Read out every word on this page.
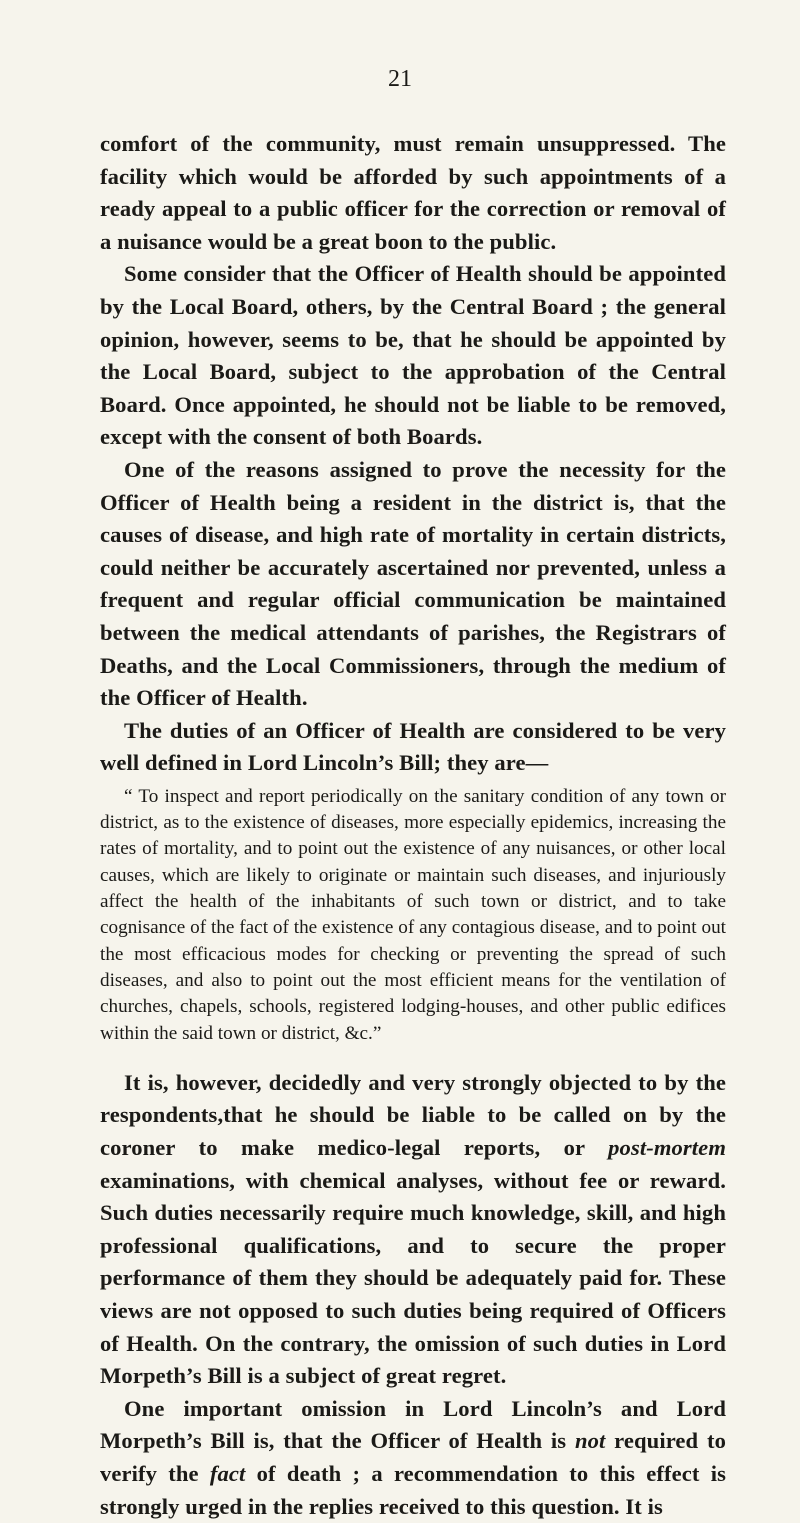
21

comfort of the community, must remain unsuppressed. The facility which would be afforded by such appointments of a ready appeal to a public officer for the correction or removal of a nuisance would be a great boon to the public.

Some consider that the Officer of Health should be appointed by the Local Board, others, by the Central Board ; the general opinion, however, seems to be, that he should be appointed by the Local Board, subject to the approbation of the Central Board. Once appointed, he should not be liable to be removed, except with the consent of both Boards.

One of the reasons assigned to prove the necessity for the Officer of Health being a resident in the district is, that the causes of disease, and high rate of mortality in certain districts, could neither be accurately ascertained nor prevented, unless a frequent and regular official communication be maintained between the medical attendants of parishes, the Registrars of Deaths, and the Local Commissioners, through the medium of the Officer of Health.

The duties of an Officer of Health are considered to be very well defined in Lord Lincoln’s Bill; they are—

“ To inspect and report periodically on the sanitary condition of any town or district, as to the existence of diseases, more especially epidemics, increasing the rates of mortality, and to point out the existence of any nuisances, or other local causes, which are likely to originate or maintain such diseases, and injuriously affect the health of the inhabitants of such town or district, and to take cognisance of the fact of the existence of any contagious disease, and to point out the most efficacious modes for checking or preventing the spread of such diseases, and also to point out the most efficient means for the ventilation of churches, chapels, schools, registered lodging-houses, and other public edifices within the said town or district, &c.”

It is, however, decidedly and very strongly objected to by the respondents,that he should be liable to be called on by the coroner to make medico-legal reports, or post-mortem examinations, with chemical analyses, without fee or reward. Such duties necessarily require much knowledge, skill, and high professional qualifications, and to secure the proper performance of them they should be adequately paid for. These views are not opposed to such duties being required of Officers of Health. On the contrary, the omission of such duties in Lord Morpeth’s Bill is a subject of great regret.

One important omission in Lord Lincoln’s and Lord Morpeth’s Bill is, that the Officer of Health is not required to verify the fact of death ; a recommendation to this effect is strongly urged in the replies received to this question. It is
